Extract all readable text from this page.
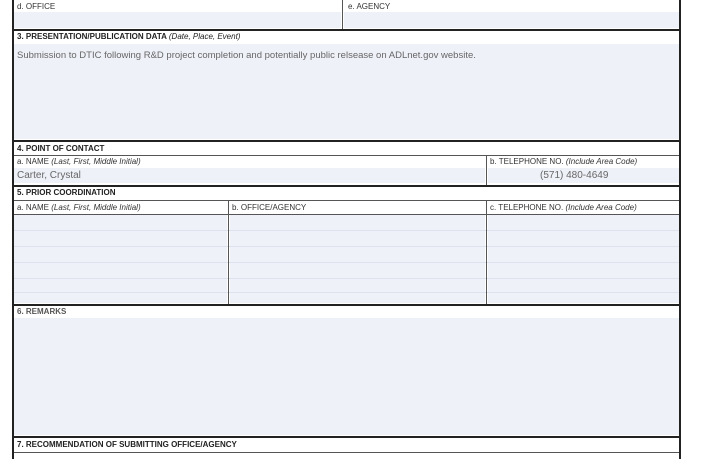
d. OFFICE	e. AGENCY
3. PRESENTATION/PUBLICATION DATA (Date, Place, Event)
Submission to DTIC following R&D project completion and potentially public relsease on ADLnet.gov website.
4. POINT OF CONTACT
a. NAME (Last, First, Middle Initial)	b. TELEPHONE NO. (Include Area Code)
Carter, Crystal	(571) 480-4649
5. PRIOR COORDINATION
a. NAME (Last, First, Middle Initial)	b. OFFICE/AGENCY	c. TELEPHONE NO. (Include Area Code)
6. REMARKS
7. RECOMMENDATION OF SUBMITTING OFFICE/AGENCY
